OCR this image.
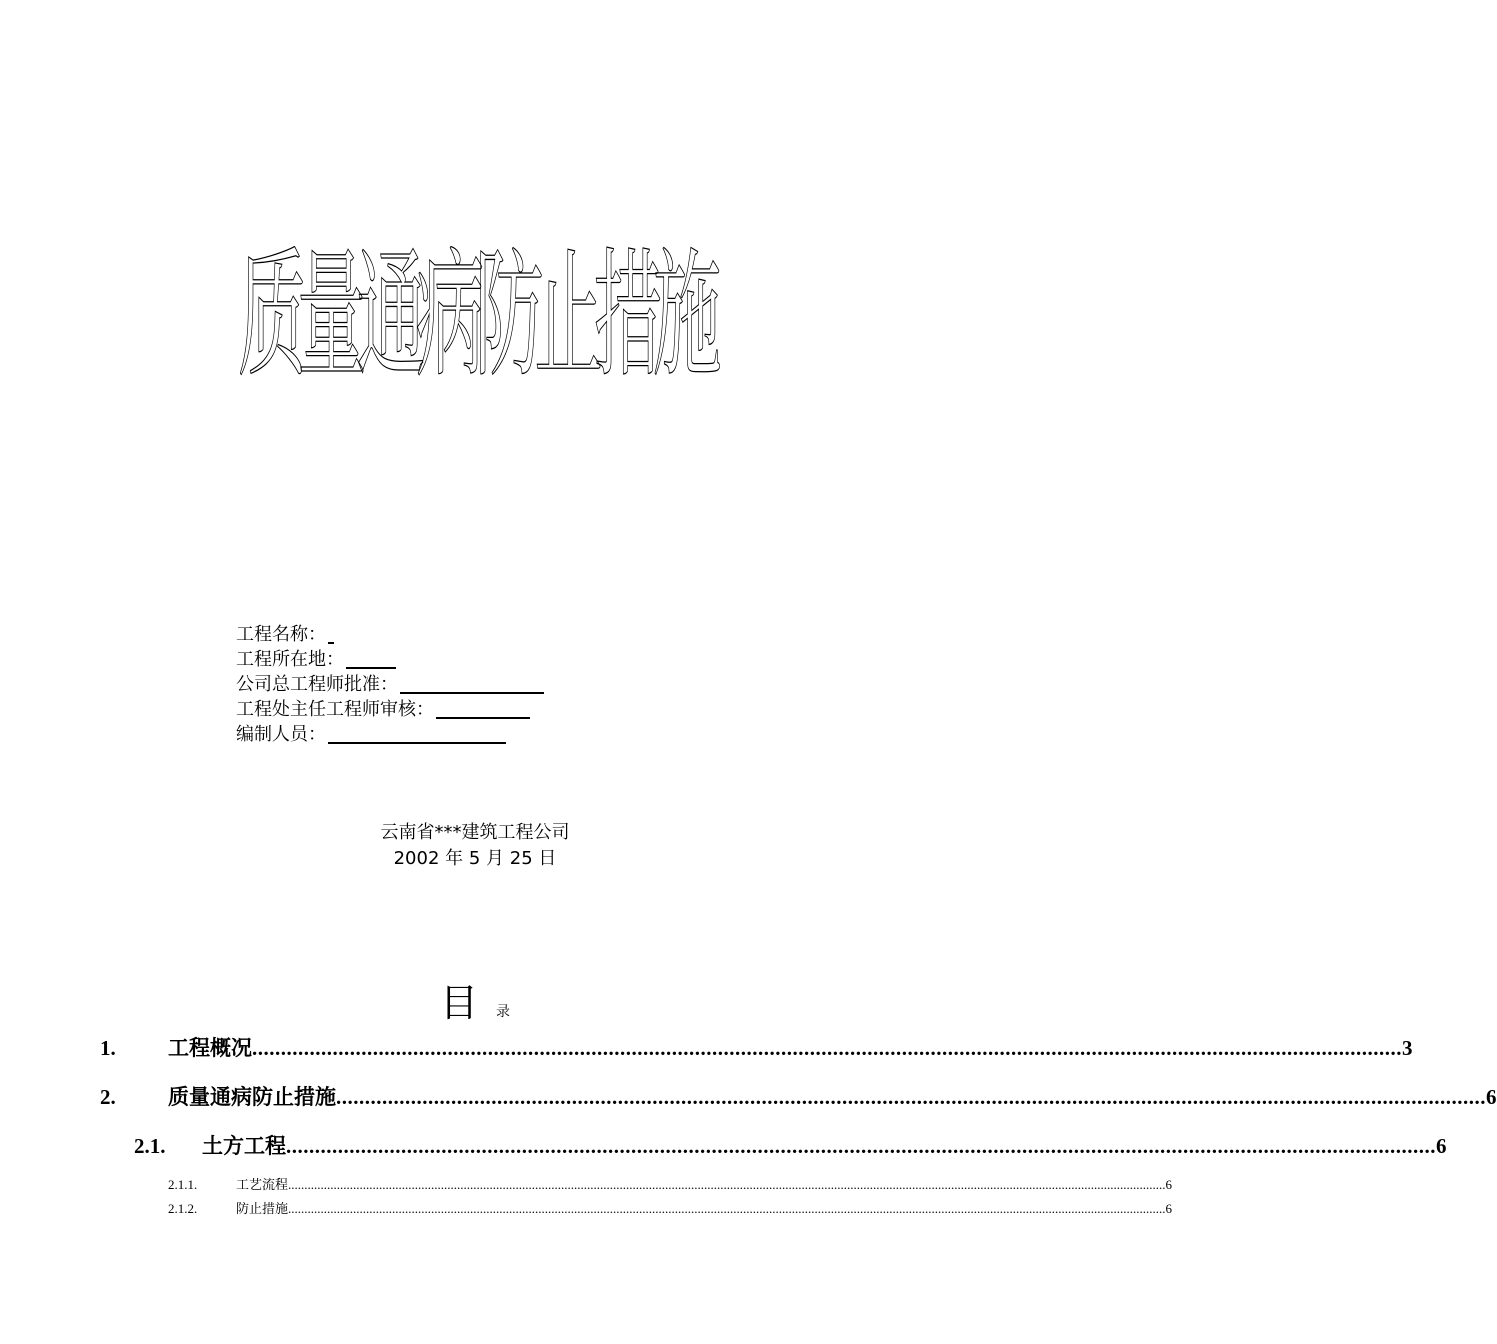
质量通病防止措施
工程名称：
工程所在地：
公司总工程师批准：
工程处主任工程师审核：
编制人员：
云南省***建筑工程公司
2002 年 5 月 25 日
目 录
1.	工程概况 ........................................................................................................................................................................................................ 3
2.	质量通病防止措施 ........................................................................................................................................................................................................ 6
2.1.	土方工程 ........................................................................................................................................................................................................ 6
2.1.1.	工艺流程 .............................................................................................................................................................................................................................................................................. 6
2.1.2.	防止措施 .............................................................................................................................................................................................................................................................................. 6
